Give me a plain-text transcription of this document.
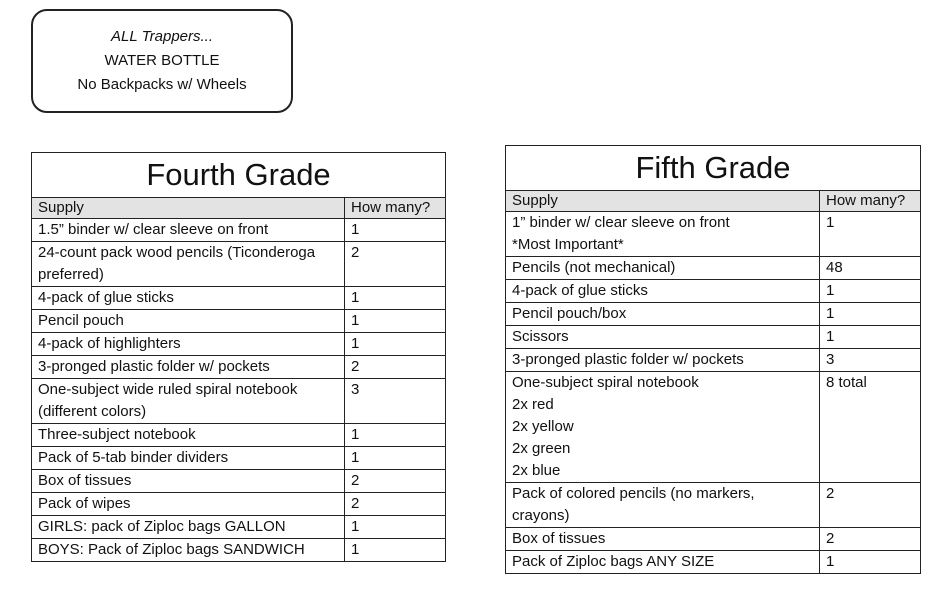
ALL Trappers...
WATER BOTTLE
No Backpacks w/ Wheels
Fourth Grade	
Supply	How many?
1.5” binder w/ clear sleeve on front	1
24-count pack wood pencils (Ticonderoga preferred)	2
4-pack of glue sticks	1
Pencil pouch	1
4-pack of highlighters	1
3-pronged plastic folder w/ pockets	2
One-subject wide ruled spiral notebook (different colors)	3
Three-subject notebook	1
Pack of 5-tab binder dividers	1
Box of tissues	2
Pack of wipes	2
GIRLS: pack of Ziploc bags GALLON	1
BOYS: Pack of Ziploc bags SANDWICH	1
Fifth Grade	
Supply	How many?

1” binder w/ clear sleeve on front
*Most Important*	1
Pencils (not mechanical)	48
4-pack of glue sticks	1
Pencil pouch/box	1
Scissors	1
3-pronged plastic folder w/ pockets	3

One-subject spiral notebook
2x red
2x yellow
2x green
2x blue	8 total
Pack of colored pencils (no markers, crayons)	2
Box of tissues	2
Pack of Ziploc bags ANY SIZE	1
